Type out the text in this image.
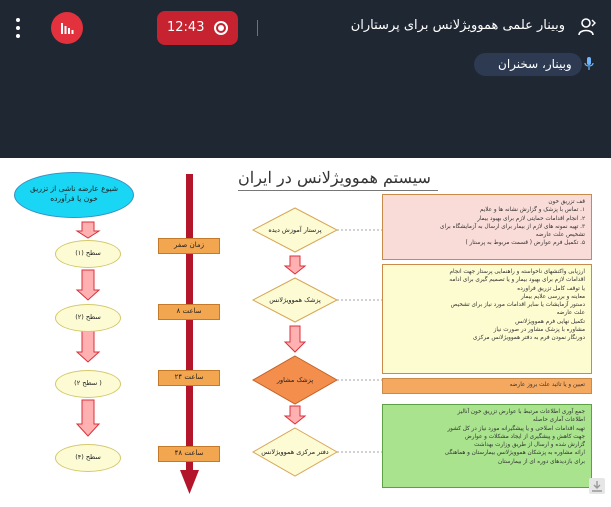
وبینار علمی هموویژلانس برای پرستاران
12:43
وبینار، سخنران
سیستم هموویژلانس در ایران
شیوع عارضه ناشی از تزریق خون یا فرآورده
سطح (۱)
سطح (۲)
( سطح ۲)
سطح (۴)
زمان صفر
ساعت ۸
ساعت ۲۴
ساعت ۴۸
پرستار آموزش دیده
پزشک هموویژلانس
پزشک مشاور
دفتر مرکزی هموویژلانس
قف تزریق خون
۱. تماس با پزشک و گزارش نشانه ها و علایم
۲. انجام اقدامات حمایتی لازم برای بهبود بیمار
۳. تهیه نمونه های لازم از بیمار برای ارسال به آزمایشگاه برای
تشخیص علت عارضه
۵. تکمیل فرم عوارض ( قسمت مربوط به پرستار )
ارزیابی واکنشهای ناخواسته و راهنمایی پرستار جهت انجام
اقدامات لازم برای بهبود بیمار و یا تصمیم گیری برای ادامه
یا توقف کامل تزریق فراورده
معاینه و بررسی علایم بیمار
دستور آزمایشات یا سایر اقدامات مورد نیاز برای تشخیص
علت عارضه
تکمیل نهایی فرم هموویژلانس
مشاوره با پزشک مشاور در صورت نیاز
دورنگار نمودن فرم به دفتر هموویژلانس مرکزی
تعیین و یا تائید علت بروز عارضه
جمع آوری اطلاعات مرتبط با عوارض تزریق خون آنالیز
اطلاعات آماری حاصله
تهیه اقدامات اصلاحی و یا پیشگیرانه مورد نیاز در کل کشور
جهت کاهش و پیشگیری از ایجاد مشکلات و عوارض
گزارش شده و ارسال از طریق وزارت بهداشت
ارائه مشاوره به پزشکان هموویژلانس بیمارستان و هماهنگی
برای بازدیدهای دوره ای از بیمارستان
